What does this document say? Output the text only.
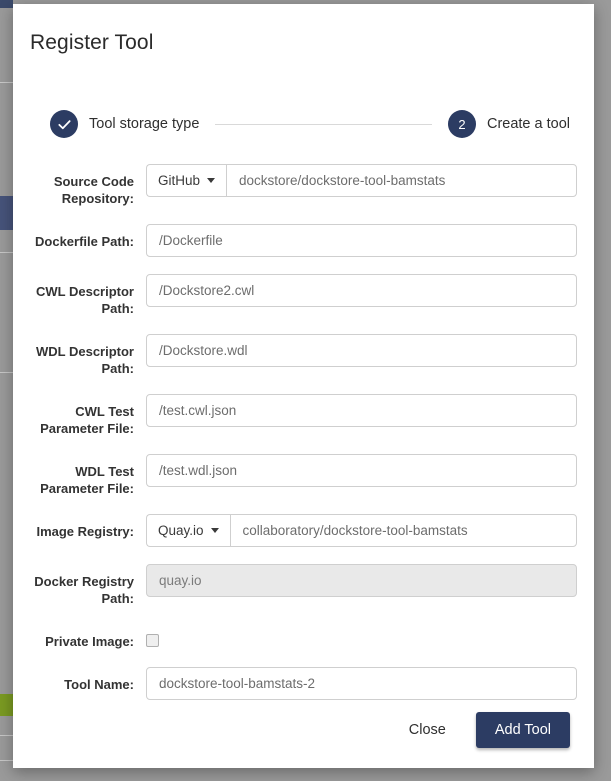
Register Tool
Tool storage type	2	Create a tool
Source Code Repository:
GitHub	dockstore/dockstore-tool-bamstats
Dockerfile Path:	/Dockerfile
CWL Descriptor Path:
/Dockstore2.cwl
WDL Descriptor Path:
/Dockstore.wdl
CWL Test Parameter File:
/test.cwl.json
WDL Test Parameter File:
/test.wdl.json
Image Registry:	Quay.io	collaboratory/dockstore-tool-bamstats
Docker Registry Path:
quay.io
Private Image:
Tool Name:	dockstore-tool-bamstats-2
Close	Add Tool
